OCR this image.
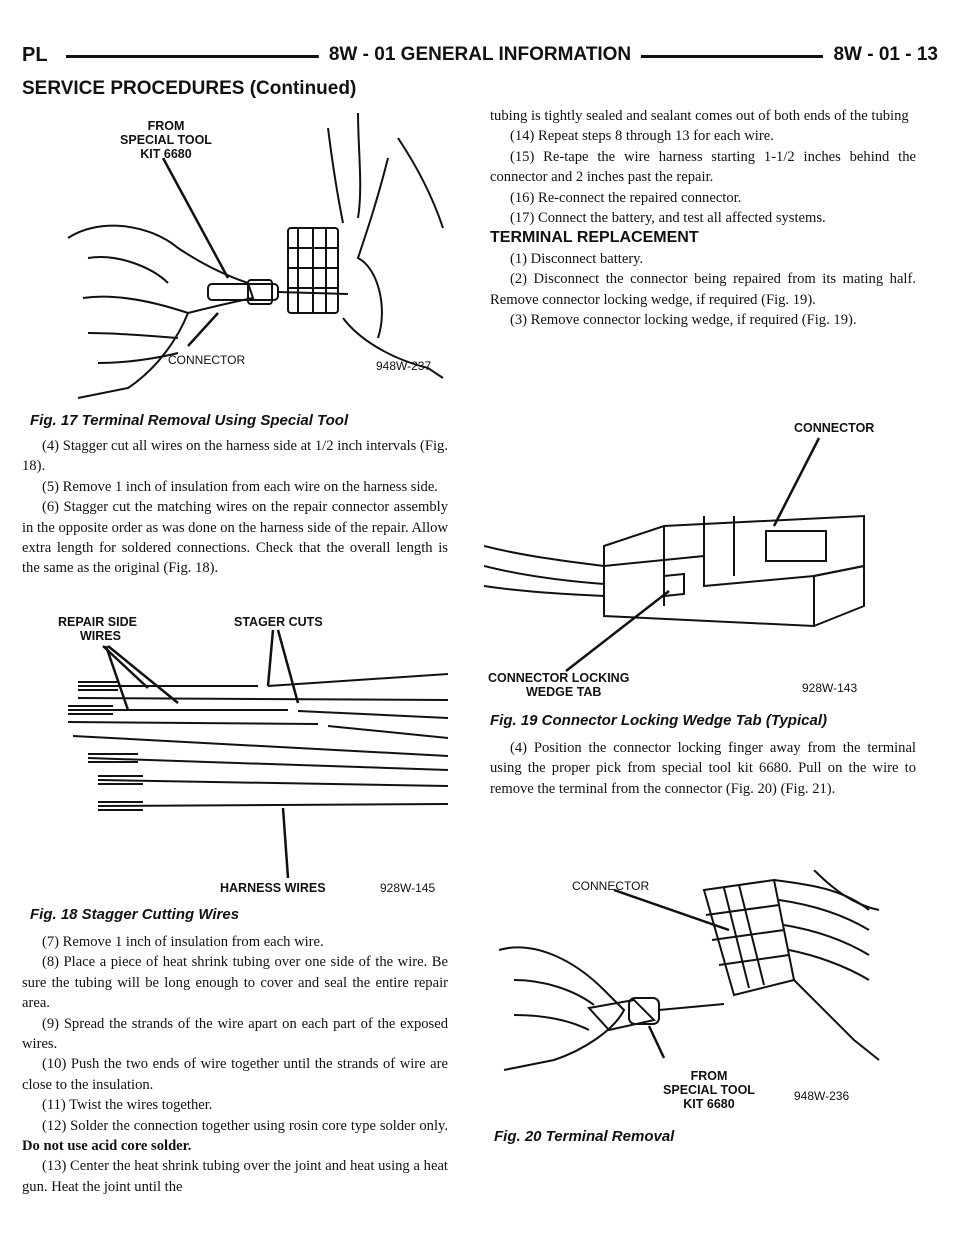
PL	8W - 01 GENERAL INFORMATION	8W - 01 - 13
SERVICE PROCEDURES (Continued)
FROM
SPECIAL TOOL
KIT 6680
CONNECTOR	948W-237
Fig. 17 Terminal Removal Using Special Tool

(4) Stagger cut all wires on the harness side at 1/2 inch intervals (Fig. 18).

(5) Remove 1 inch of insulation from each wire on the harness side.

(6) Stagger cut the matching wires on the repair connector assembly in the opposite order as was done on the harness side of the repair. Allow extra length for soldered connections. Check that the overall length is the same as the original (Fig. 18).

REPAIR SIDE
WIRES
STAGER CUTS
HARNESS WIRES	928W-145
Fig. 18 Stagger Cutting Wires

(7) Remove 1 inch of insulation from each wire.

(8) Place a piece of heat shrink tubing over one side of the wire. Be sure the tubing will be long enough to cover and seal the entire repair area.

(9) Spread the strands of the wire apart on each part of the exposed wires.

(10) Push the two ends of wire together until the strands of wire are close to the insulation.

(11) Twist the wires together.

(12) Solder the connection together using rosin core type solder only. Do not use acid core solder.

(13) Center the heat shrink tubing over the joint and heat using a heat gun. Heat the joint until the

tubing is tightly sealed and sealant comes out of both ends of the tubing

(14) Repeat steps 8 through 13 for each wire.

(15) Re-tape the wire harness starting 1-1/2 inches behind the connector and 2 inches past the repair.

(16) Re-connect the repaired connector.

(17) Connect the battery, and test all affected systems.

TERMINAL REPLACEMENT

(1) Disconnect battery.

(2) Disconnect the connector being repaired from its mating half. Remove connector locking wedge, if required (Fig. 19).

(3) Remove connector locking wedge, if required (Fig. 19).

CONNECTOR
CONNECTOR LOCKING
WEDGE TAB	928W-143
Fig. 19 Connector Locking Wedge Tab (Typical)

(4) Position the connector locking finger away from the terminal using the proper pick from special tool kit 6680. Pull on the wire to remove the terminal from the connector (Fig. 20) (Fig. 21).

CONNECTOR
FROM
SPECIAL TOOL
KIT 6680
948W-236
Fig. 20 Terminal Removal
